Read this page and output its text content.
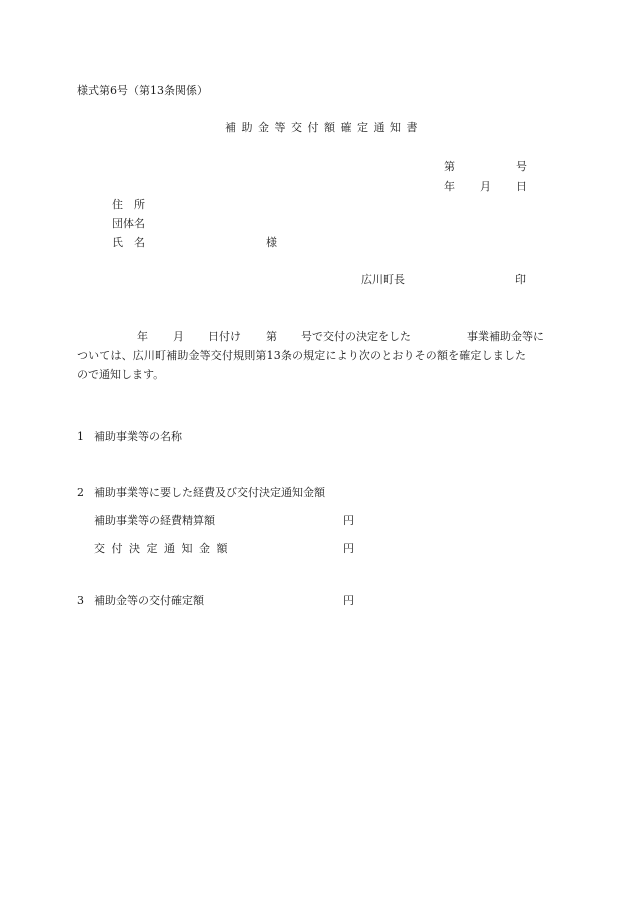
様式第6号（第13条関係）
補 助 金 等 交 付 額 確 定 通 知 書
第	号
年 月 日
住　所
団体名
氏　名	様
広川町長	印
年 月 日付け 第 号で交付の決定をした	事業補助金等に
ついては、広川町補助金等交付規則第13条の規定により次のとおりその額を確定しました
ので通知します。
1 補助事業等の名称
2 補助事業等に要した経費及び交付決定通知金額
補助事業等の経費精算額	円
交付決定通知金額	円
3 補助金等の交付確定額	円
